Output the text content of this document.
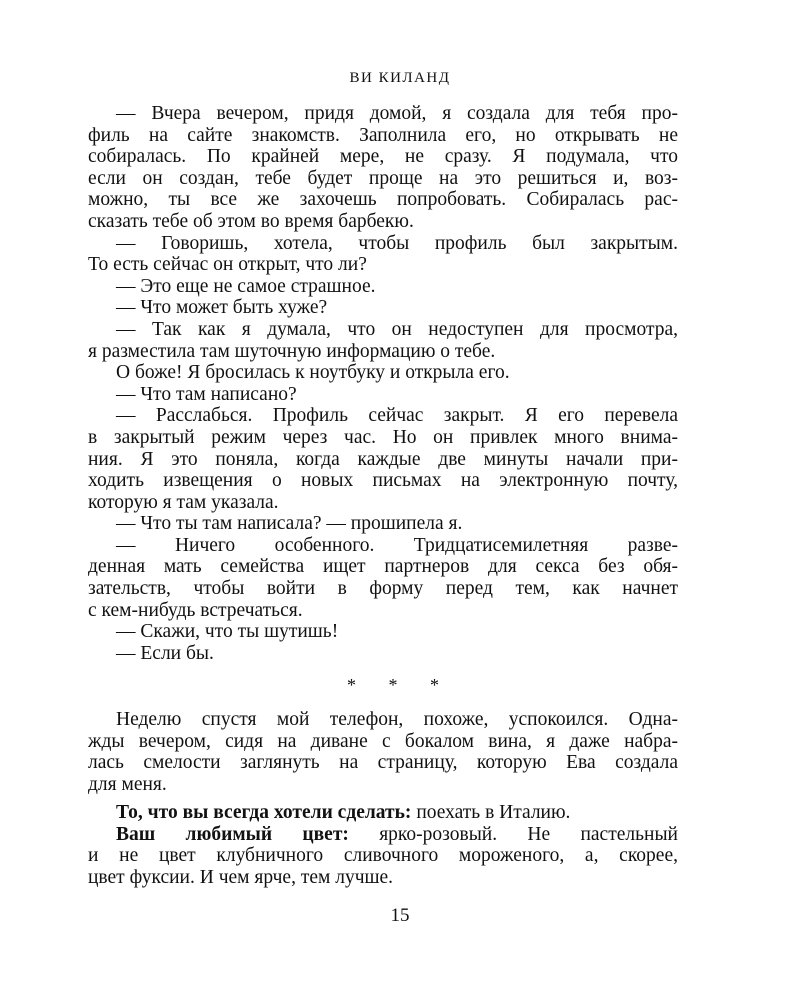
ВИ КИЛАНД
— Вчера вечером, придя домой, я создала для тебя про-
филь на сайте знакомств. Заполнила его, но открывать не
собиралась. По крайней мере, не сразу. Я подумала, что
если он создан, тебе будет проще на это решиться и, воз-
можно, ты все же захочешь попробовать. Собиралась рас-
сказать тебе об этом во время барбекю.
— Говоришь, хотела, чтобы профиль был закрытым.
То есть сейчас он открыт, что ли?
— Это еще не самое страшное.
— Что может быть хуже?
— Так как я думала, что он недоступен для просмотра,
я разместила там шуточную информацию о тебе.
О боже! Я бросилась к ноутбуку и открыла его.
— Что там написано?
— Расслабься. Профиль сейчас закрыт. Я его перевела
в закрытый режим через час. Но он привлек много внима-
ния. Я это поняла, когда каждые две минуты начали при-
ходить извещения о новых письмах на электронную почту,
которую я там указала.
— Что ты там написала? — прошипела я.
— Ничего особенного. Тридцатисемилетняя разве-
денная мать семейства ищет партнеров для секса без обя-
зательств, чтобы войти в форму перед тем, как начнет
с кем-нибудь встречаться.
— Скажи, что ты шутишь!
— Если бы.
* * *
Неделю спустя мой телефон, похоже, успокоился. Одна-
жды вечером, сидя на диване с бокалом вина, я даже набра-
лась смелости заглянуть на страницу, которую Ева создала
для меня.
То, что вы всегда хотели сделать: поехать в Италию.
Ваш любимый цвет: ярко-розовый. Не пастельный
и не цвет клубничного сливочного мороженого, а, скорее,
цвет фуксии. И чем ярче, тем лучше.
15
